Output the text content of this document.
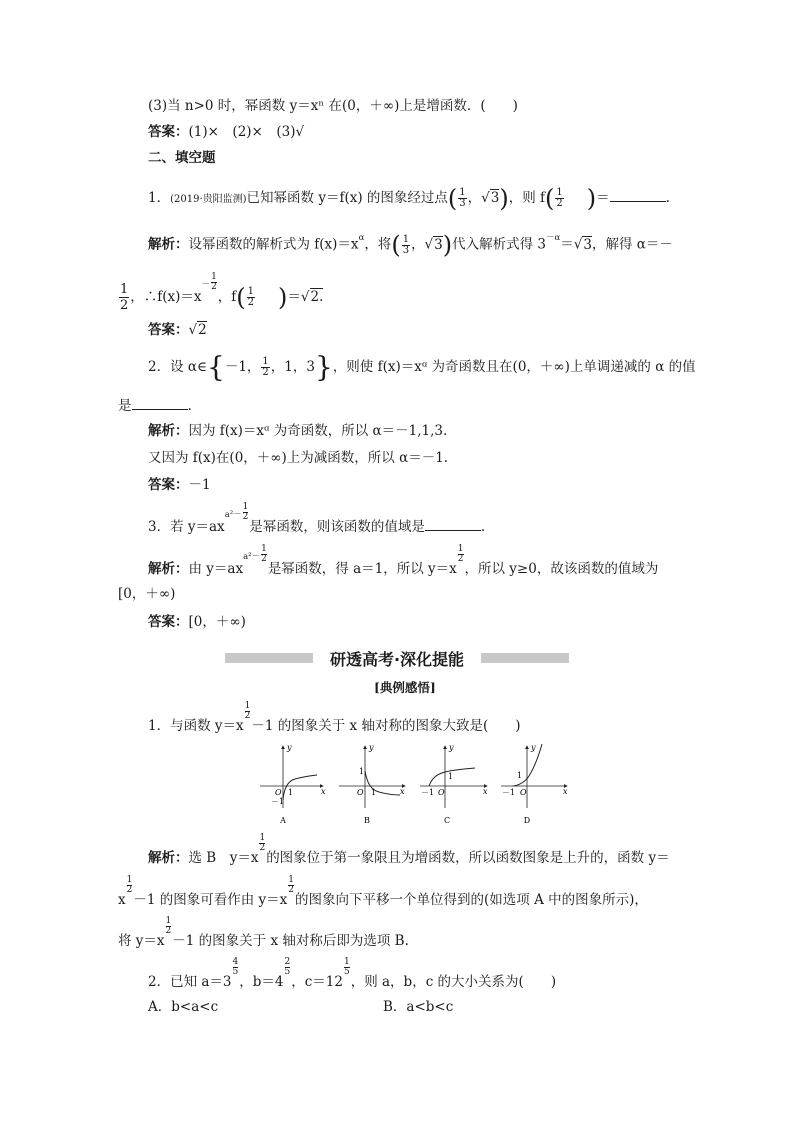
(3)当 n>0 时，幂函数 y＝xⁿ 在(0，＋∞)上是增函数．(　　)
答案：(1)×　(2)×　(3)√
二、填空题
1．(2019·贵阳监测)已知幂函数 y＝f(x) 的图象经过点( $\frac{1}{3}$ ，√3)，则 $f( \frac{1}{2}$ )＝	.
解析：设幂函数的解析式为 $f(x)=x^\alpha$，将( $\frac{1}{3}$ ，√3)代入解析式得 $3^{-\alpha}=√3$，解得 α＝－
$\frac{1}{2}$ ，∴f(x)＝x－ $\frac{1}{2}$，$f( \frac{1}{2} )=√2$.
答案：√2
2．设 α∈{－1， $\frac{1}{2}$ ，1，3}，则使 f(x)＝xᵅ 为奇函数且在(0，＋∞)上单调递减的 α 的值
是	.
解析：因为 f(x)＝xᵅ 为奇函数，所以 α＝－1,1,3.
又因为 f(x)在(0，＋∞)上为减函数，所以 α＝－1.
答案：－1
3．若 $y=ax^{a^2-} \frac{1}{2}$是幂函数，则该函数的值域是	.
解析：由 $y=ax^{a^2-} \frac{1}{2}$是幂函数，得 a＝1，所以 y＝x
$\frac{1}{2}$，所以 y≥0，故该函数的值域为
[0，＋∞)
答案：[0，＋∞)
研透高考·深化提能
[典例感悟]
1．与函数 y＝x
$\frac{1}{2}-1$ 的图象关于 x 轴对称的图象大致是(　　)
y
x
O 1
－1
A
y
x
O
1
1
B
y
x
O
1
－1
C
y
x
O
1
－1
D
解析：选 B　y＝x
$\frac{1}{2}$的图象位于第一象限且为增函数，所以函数图象是上升的，函数 y＝
x
$\frac{1}{2}-1$ 的图象可看作由 y＝x
$\frac{1}{2}$的图象向下平移一个单位得到的(如选项 A 中的图象所示)，
将 y＝x
$\frac{1}{2}-1$ 的图象关于 x 轴对称后即为选项 B.
2．已知 a＝3
$\frac{4}{5}$，b＝4
$\frac{2}{5}$，c＝12
$\frac{1}{5}$，则 a，b，c 的大小关系为(　　)
A．b<a<c	B．a<b<c
